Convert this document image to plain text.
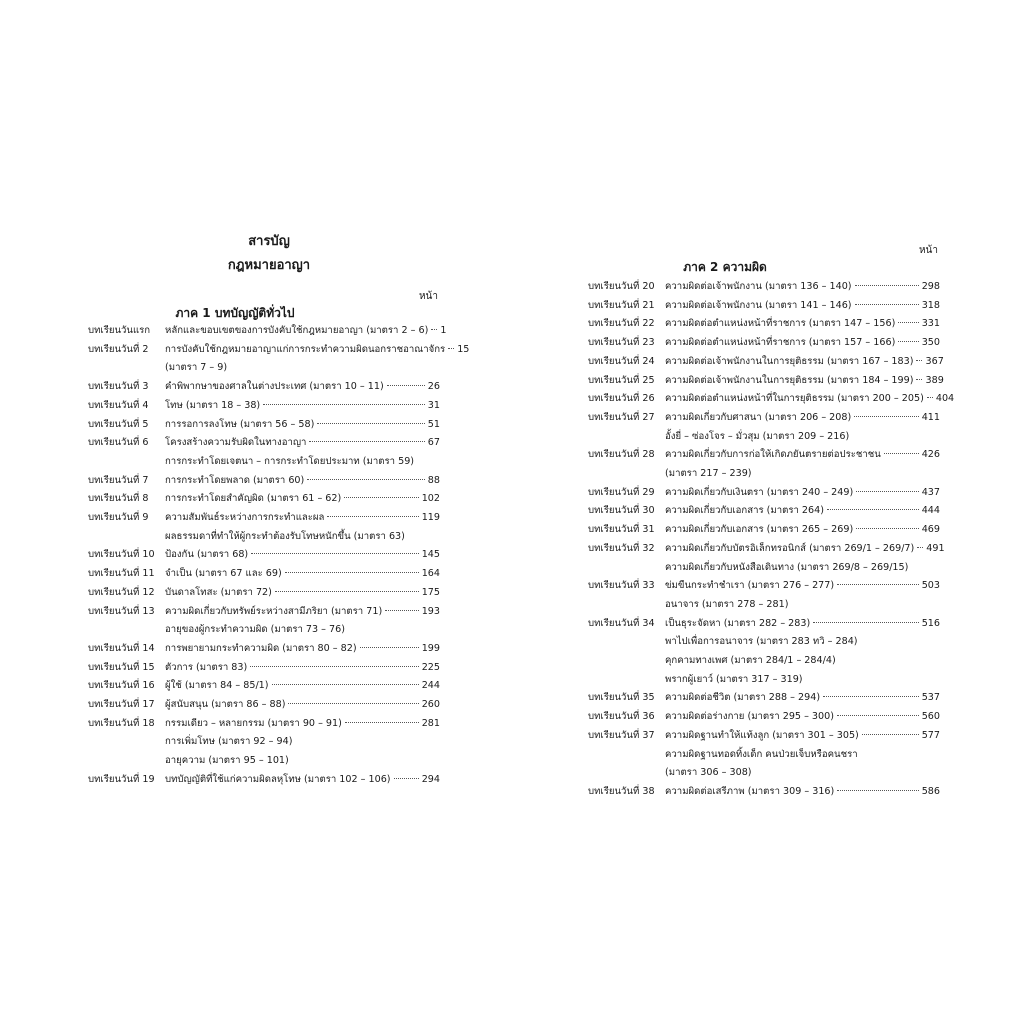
สารบัญ
กฎหมายอาญา
หน้า
ภาค 1 บทบัญญัติทั่วไป
บทเรียนวันแรก	หลักและขอบเขตของการบังคับใช้กฎหมายอาญา (มาตรา 2 – 6) 1
บทเรียนวันที่ 2	การบังคับใช้กฎหมายอาญาแก่การกระทำความผิดนอกราชอาณาจักร 15
(มาตรา 7 – 9)
บทเรียนวันที่ 3	คำพิพากษาของศาลในต่างประเทศ (มาตรา 10 – 11)	26
บทเรียนวันที่ 4	โทษ (มาตรา 18 – 38)	31
บทเรียนวันที่ 5	การรอการลงโทษ (มาตรา 56 – 58)	51
บทเรียนวันที่ 6	โครงสร้างความรับผิดในทางอาญา	67
การกระทำโดยเจตนา – การกระทำโดยประมาท (มาตรา 59)
บทเรียนวันที่ 7	การกระทำโดยพลาด (มาตรา 60)	88
บทเรียนวันที่ 8	การกระทำโดยสำคัญผิด (มาตรา 61 – 62)	102
บทเรียนวันที่ 9	ความสัมพันธ์ระหว่างการกระทำและผล	119
ผลธรรมดาที่ทำให้ผู้กระทำต้องรับโทษหนักขึ้น (มาตรา 63)
บทเรียนวันที่ 10	ป้องกัน (มาตรา 68)	145
บทเรียนวันที่ 11	จำเป็น (มาตรา 67 และ 69)	164
บทเรียนวันที่ 12	บันดาลโทสะ (มาตรา 72)	175
บทเรียนวันที่ 13	ความผิดเกี่ยวกับทรัพย์ระหว่างสามีภริยา (มาตรา 71)	193
อายุของผู้กระทำความผิด (มาตรา 73 – 76)
บทเรียนวันที่ 14	การพยายามกระทำความผิด (มาตรา 80 – 82)	199
บทเรียนวันที่ 15	ตัวการ (มาตรา 83)	225
บทเรียนวันที่ 16	ผู้ใช้ (มาตรา 84 – 85/1)	244
บทเรียนวันที่ 17	ผู้สนับสนุน (มาตรา 86 – 88)	260
บทเรียนวันที่ 18	กรรมเดียว – หลายกรรม (มาตรา 90 – 91)	281
การเพิ่มโทษ (มาตรา 92 – 94)
อายุความ (มาตรา 95 – 101)
บทเรียนวันที่ 19	บทบัญญัติที่ใช้แก่ความผิดลหุโทษ (มาตรา 102 – 106)	294
หน้า
ภาค 2 ความผิด
บทเรียนวันที่ 20	ความผิดต่อเจ้าพนักงาน (มาตรา 136 – 140)	298
บทเรียนวันที่ 21	ความผิดต่อเจ้าพนักงาน (มาตรา 141 – 146)	318
บทเรียนวันที่ 22	ความผิดต่อตำแหน่งหน้าที่ราชการ (มาตรา 147 – 156)	331
บทเรียนวันที่ 23	ความผิดต่อตำแหน่งหน้าที่ราชการ (มาตรา 157 – 166)	350
บทเรียนวันที่ 24	ความผิดต่อเจ้าพนักงานในการยุติธรรม (มาตรา 167 – 183) 367
บทเรียนวันที่ 25	ความผิดต่อเจ้าพนักงานในการยุติธรรม (มาตรา 184 – 199) 389
บทเรียนวันที่ 26	ความผิดต่อตำแหน่งหน้าที่ในการยุติธรรม (มาตรา 200 – 205) 404
บทเรียนวันที่ 27	ความผิดเกี่ยวกับศาสนา (มาตรา 206 – 208)	411
อั้งยี่ – ซ่องโจร – มั่วสุม (มาตรา 209 – 216)
บทเรียนวันที่ 28	ความผิดเกี่ยวกับการก่อให้เกิดภยันตรายต่อประชาชน	426
(มาตรา 217 – 239)
บทเรียนวันที่ 29	ความผิดเกี่ยวกับเงินตรา (มาตรา 240 – 249)	437
บทเรียนวันที่ 30	ความผิดเกี่ยวกับเอกสาร (มาตรา 264)	444
บทเรียนวันที่ 31	ความผิดเกี่ยวกับเอกสาร (มาตรา 265 – 269)	469
บทเรียนวันที่ 32	ความผิดเกี่ยวกับบัตรอิเล็กทรอนิกส์ (มาตรา 269/1 – 269/7) 491
ความผิดเกี่ยวกับหนังสือเดินทาง (มาตรา 269/8 – 269/15)
บทเรียนวันที่ 33	ข่มขืนกระทำชำเรา (มาตรา 276 – 277)	503
อนาจาร (มาตรา 278 – 281)
บทเรียนวันที่ 34	เป็นธุระจัดหา (มาตรา 282 – 283)	516
พาไปเพื่อการอนาจาร (มาตรา 283 ทวิ – 284)
คุกคามทางเพศ (มาตรา 284/1 – 284/4)
พรากผู้เยาว์ (มาตรา 317 – 319)
บทเรียนวันที่ 35	ความผิดต่อชีวิต (มาตรา 288 – 294)	537
บทเรียนวันที่ 36	ความผิดต่อร่างกาย (มาตรา 295 – 300)	560
บทเรียนวันที่ 37	ความผิดฐานทำให้แท้งลูก (มาตรา 301 – 305)	577
ความผิดฐานทอดทิ้งเด็ก คนป่วยเจ็บหรือคนชรา
(มาตรา 306 – 308)
บทเรียนวันที่ 38	ความผิดต่อเสรีภาพ (มาตรา 309 – 316)	586
